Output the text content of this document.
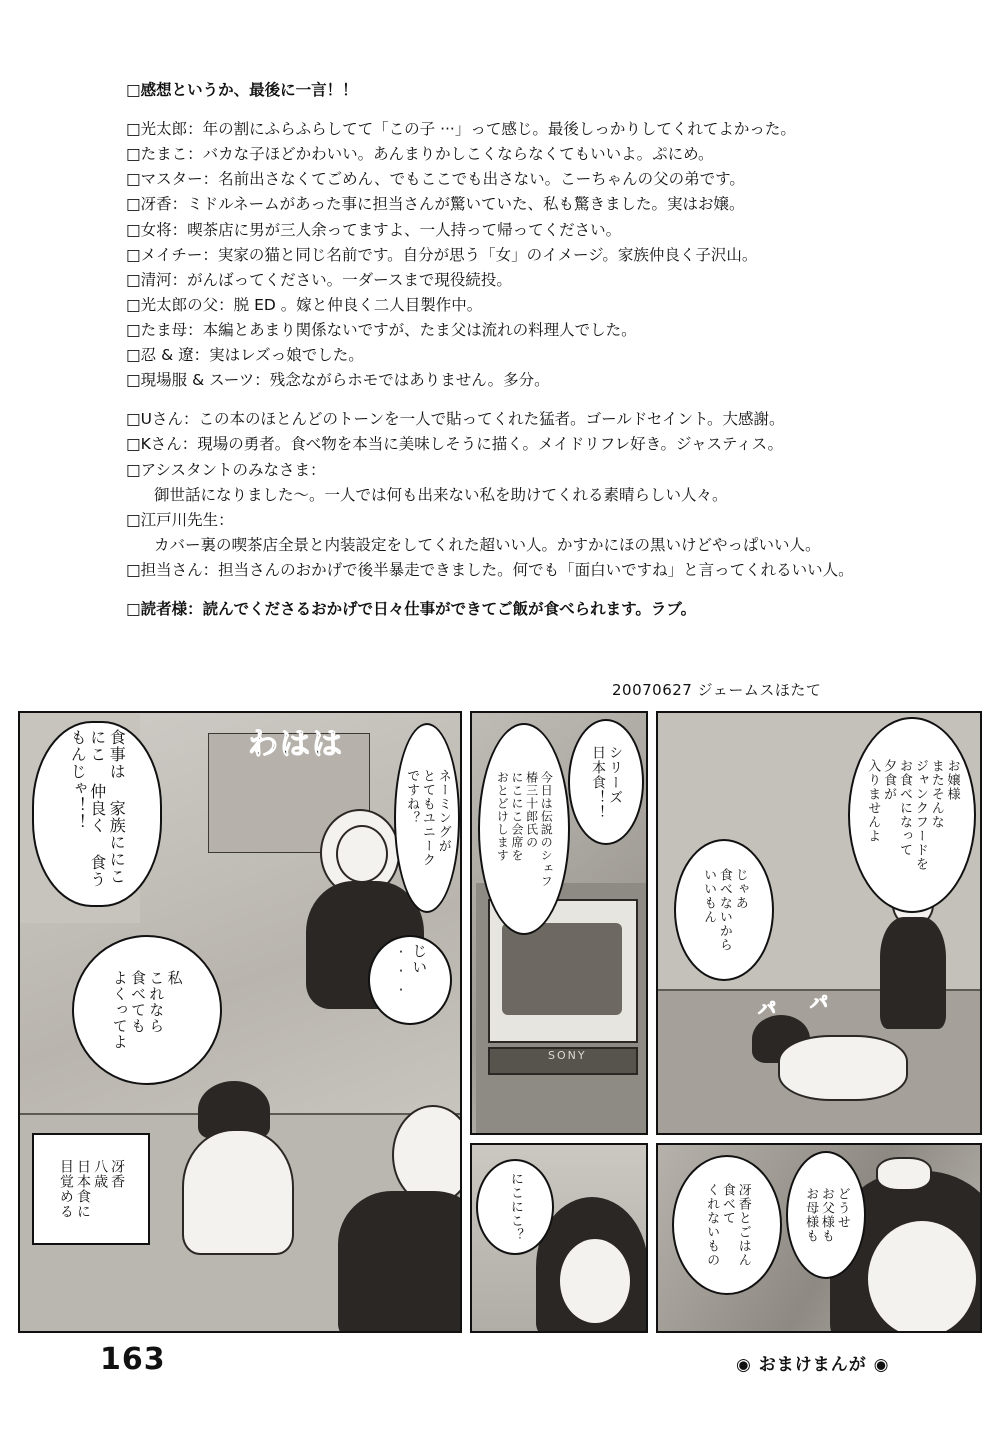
□感想というか、最後に一言！！
□光太郎：年の割にふらふらしてて「この子 ···」って感じ。最後しっかりしてくれてよかった。
□たまこ：バカな子ほどかわいい。あんまりかしこくならなくてもいいよ。ぷにめ。
□マスター：名前出さなくてごめん、でもここでも出さない。こーちゃんの父の弟です。
□冴香：ミドルネームがあった事に担当さんが驚いていた、私も驚きました。実はお嬢。
□女将：喫茶店に男が三人余ってますよ、一人持って帰ってください。
□メイチー：実家の猫と同じ名前です。自分が思う「女」のイメージ。家族仲良く子沢山。
□清河：がんばってください。一ダースまで現役続投。
□光太郎の父：脱 ED 。嫁と仲良く二人目製作中。
□たま母：本編とあまり関係ないですが、たま父は流れの料理人でした。
□忍 & 遼：実はレズっ娘でした。
□現場服 & スーツ：残念ながらホモではありません。多分。
□Uさん：この本のほとんどのトーンを一人で貼ってくれた猛者。ゴールドセイント。大感謝。
□Kさん：現場の勇者。食べ物を本当に美味しそうに描く。メイドリフレ好き。ジャスティス。
□アシスタントのみなさま：
御世話になりました〜。一人では何も出来ない私を助けてくれる素晴らしい人々。
□江戸川先生：
カバー裏の喫茶店全景と内装設定をしてくれた超いい人。かすかにほの黒いけどやっぱいい人。
□担当さん：担当さんのおかげで後半暴走できました。何でも「面白いですね」と言ってくれるいい人。
□読者様：読んでくださるおかげで日々仕事ができてご飯が食べられます。ラブ。
20070627 ジェームスほたて
食事は 家族ににこにこ 仲良く 食うもんじゃ！！	わはは
ネーミングが
とてもユニーク
ですね？
じい···
私
これなら
食べても
よくってよ
冴香
八歳
日本食に
目覚める
SONY
シリーズ
日本食！！
今日は伝説のシェフ
椿三十郎氏の
にこにこ会席を
おとどけします	お嬢様
またそんな
ジャンクフードを
お食べになって
夕食が
入りませんよ
じゃあ
食べないから
いいもん
パ パ
にこにこ？	どうせ
お父様も
お母様も
冴香とごはん
食べて
くれないもの
163	◉ おまけまんが ◉
